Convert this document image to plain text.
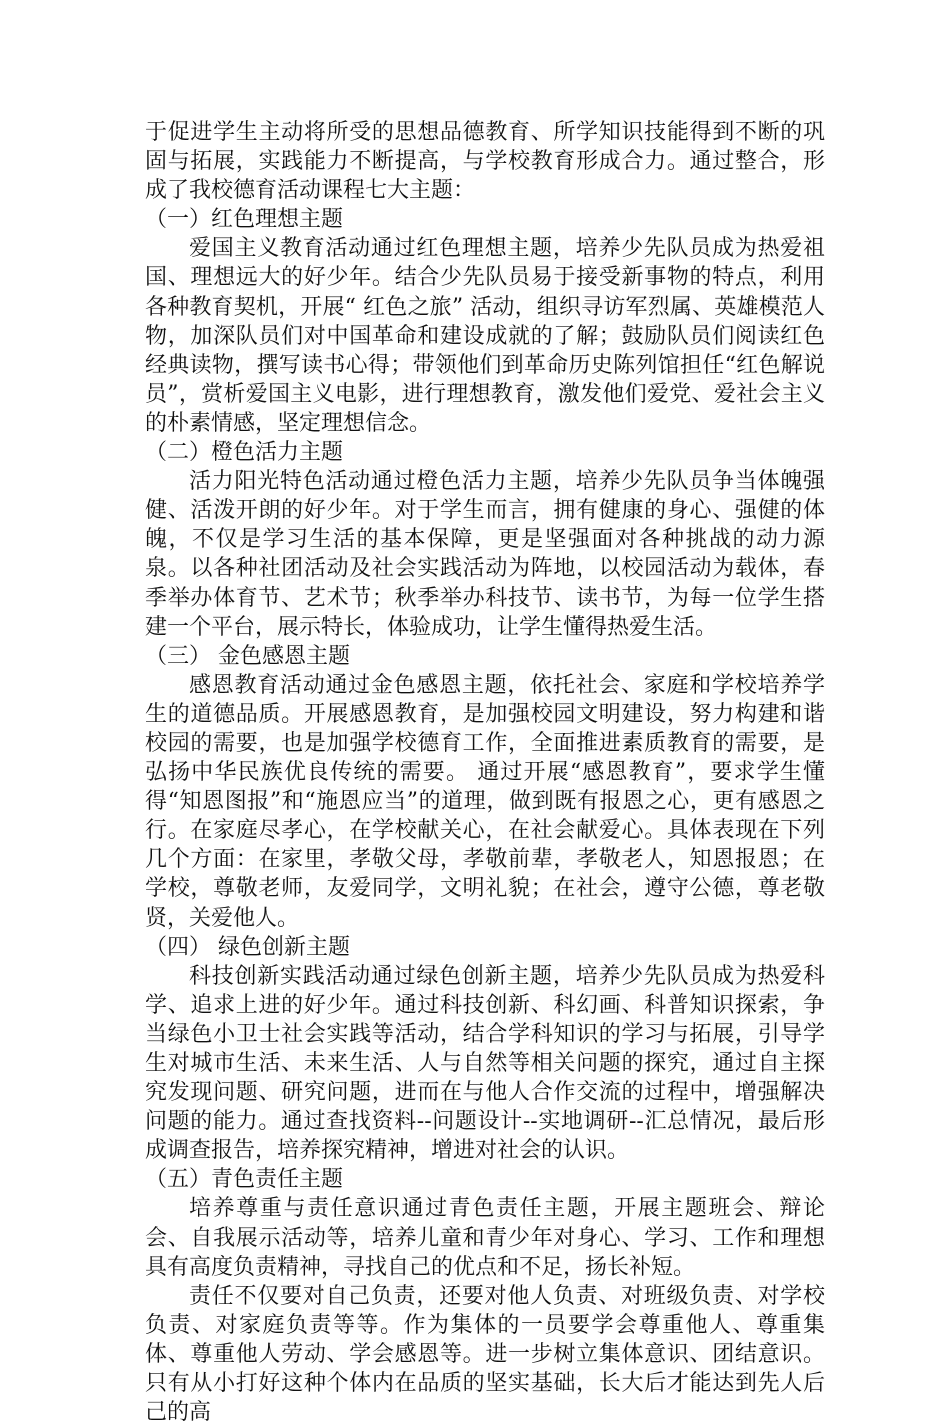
于促进学生主动将所受的思想品德教育、所学知识技能得到不断的巩固与拓展，实践能力不断提高，与学校教育形成合力。通过整合，形成了我校德育活动课程七大主题：

（一）红色理想主题

爱国主义教育活动通过红色理想主题，培养少先队员成为热爱祖国、理想远大的好少年。结合少先队员易于接受新事物的特点，利用各种教育契机，开展“ 红色之旅” 活动，组织寻访军烈属、英雄模范人物，加深队员们对中国革命和建设成就的了解；鼓励队员们阅读红色经典读物，撰写读书心得；带领他们到革命历史陈列馆担任“红色解说员”，赏析爱国主义电影，进行理想教育，激发他们爱党、爱社会主义的朴素情感，坚定理想信念。

（二）橙色活力主题

活力阳光特色活动通过橙色活力主题，培养少先队员争当体魄强健、活泼开朗的好少年。对于学生而言，拥有健康的身心、强健的体魄，不仅是学习生活的基本保障，更是坚强面对各种挑战的动力源泉。以各种社团活动及社会实践活动为阵地，以校园活动为载体，春季举办体育节、艺术节；秋季举办科技节、读书节，为每一位学生搭建一个平台，展示特长，体验成功，让学生懂得热爱生活。

（三） 金色感恩主题

感恩教育活动通过金色感恩主题，依托社会、家庭和学校培养学生的道德品质。开展感恩教育，是加强校园文明建设，努力构建和谐校园的需要，也是加强学校德育工作，全面推进素质教育的需要，是弘扬中华民族优良传统的需要。 通过开展“感恩教育”，要求学生懂得“知恩图报”和“施恩应当”的道理，做到既有报恩之心，更有感恩之行。在家庭尽孝心，在学校献关心，在社会献爱心。具体表现在下列几个方面：在家里，孝敬父母，孝敬前辈，孝敬老人，知恩报恩；在学校，尊敬老师，友爱同学，文明礼貌；在社会，遵守公德，尊老敬贤，关爱他人。

（四） 绿色创新主题

科技创新实践活动通过绿色创新主题，培养少先队员成为热爱科学、追求上进的好少年。通过科技创新、科幻画、科普知识探索，争当绿色小卫士社会实践等活动，结合学科知识的学习与拓展，引导学生对城市生活、未来生活、人与自然等相关问题的探究，通过自主探究发现问题、研究问题，进而在与他人合作交流的过程中，增强解决问题的能力。通过查找资料--问题设计--实地调研--汇总情况，最后形成调查报告，培养探究精神，增进对社会的认识。

（五）青色责任主题

培养尊重与责任意识通过青色责任主题，开展主题班会、辩论会、自我展示活动等，培养儿童和青少年对身心、学习、工作和理想具有高度负责精神，寻找自己的优点和不足，扬长补短。

责任不仅要对自己负责，还要对他人负责、对班级负责、对学校负责、对家庭负责等等。作为集体的一员要学会尊重他人、尊重集体、尊重他人劳动、学会感恩等。进一步树立集体意识、团结意识。只有从小打好这种个体内在品质的坚实基础，长大后才能达到先人后己的高
